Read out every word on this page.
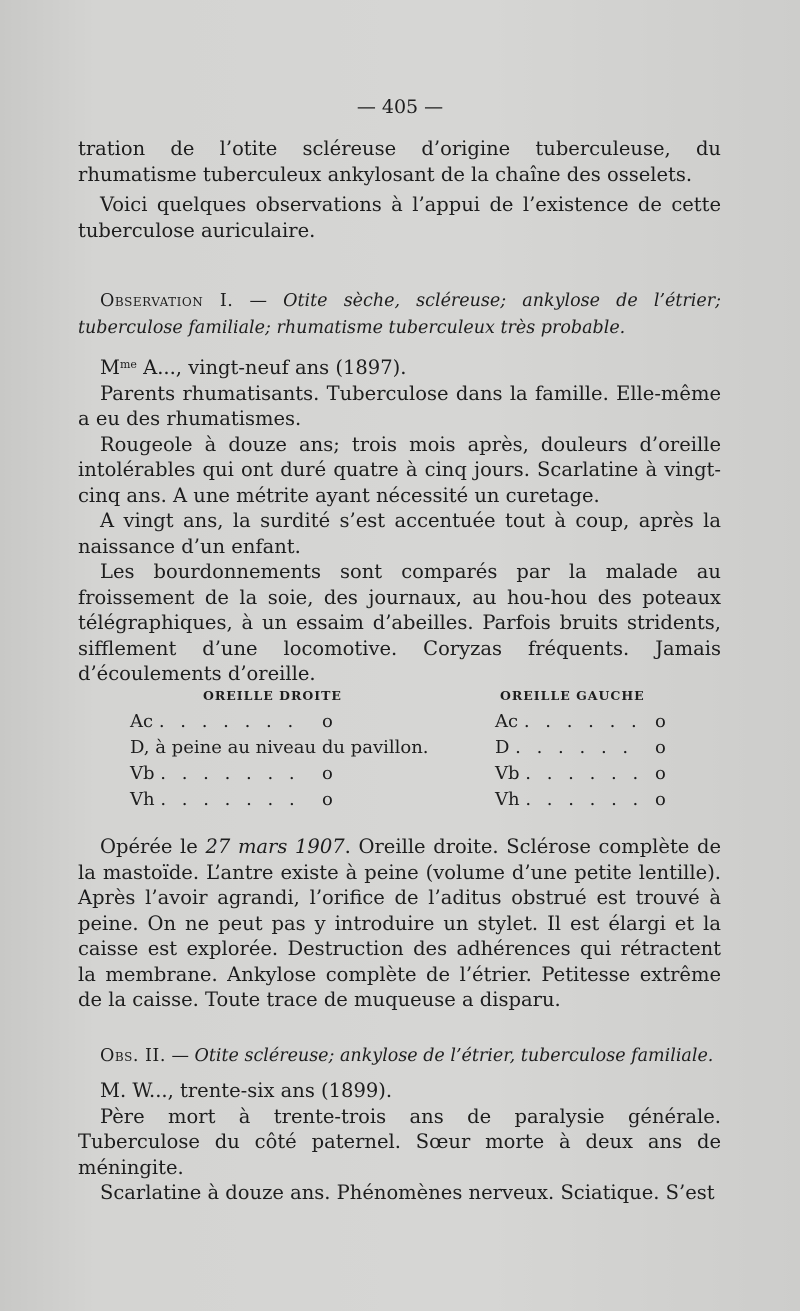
— 405 —

tration de l’otite scléreuse d’origine tuberculeuse, du rhumatisme tuberculeux ankylosant de la chaîne des osselets.

Voici quelques observations à l’appui de l’existence de cette tuberculose auriculaire.

Observation I. — Otite sèche, scléreuse; ankylose de l’étrier; tuberculose familiale; rhumatisme tuberculeux très probable.

$M^{me}$ A..., vingt-neuf ans (1897).

Parents rhumatisants. Tuberculose dans la famille. Elle-même a eu des rhumatismes.

Rougeole à douze ans; trois mois après, douleurs d’oreille intolérables qui ont duré quatre à cinq jours. Scarlatine à vingt-cinq ans. A une métrite ayant nécessité un curetage.

A vingt ans, la surdité s’est accentuée tout à coup, après la naissance d’un enfant.

Les bourdonnements sont comparés par la malade au froissement de la soie, des journaux, au hou-hou des poteaux télégraphiques, à un essaim d’abeilles. Parfois bruits stridents, sifflement d’une locomotive. Coryzas fréquents. Jamais d’écoulements d’oreille.

OREILLE DROITE	OREILLE GAUCHE
Ac . . . . . . . o
D, à peine au niveau du pavillon.
Vb . . . . . . . o
Vh . . . . . . . o
Ac . . . . . . o
D . . . . . . o
Vb . . . . . . o
Vh . . . . . . o

Opérée le 27 mars 1907. Oreille droite. Sclérose complète de la mastoïde. L’antre existe à peine (volume d’une petite lentille). Après l’avoir agrandi, l’orifice de l’aditus obstrué est trouvé à peine. On ne peut pas y introduire un stylet. Il est élargi et la caisse est explorée. Destruction des adhérences qui rétractent la membrane. Ankylose complète de l’étrier. Petitesse extrême de la caisse. Toute trace de muqueuse a disparu.

Obs. II. — Otite scléreuse; ankylose de l’étrier, tuberculose familiale.

M. W..., trente-six ans (1899).

Père mort à trente-trois ans de paralysie générale. Tuberculose du côté paternel. Sœur morte à deux ans de méningite.

Scarlatine à douze ans. Phénomènes nerveux. Sciatique. S’est
